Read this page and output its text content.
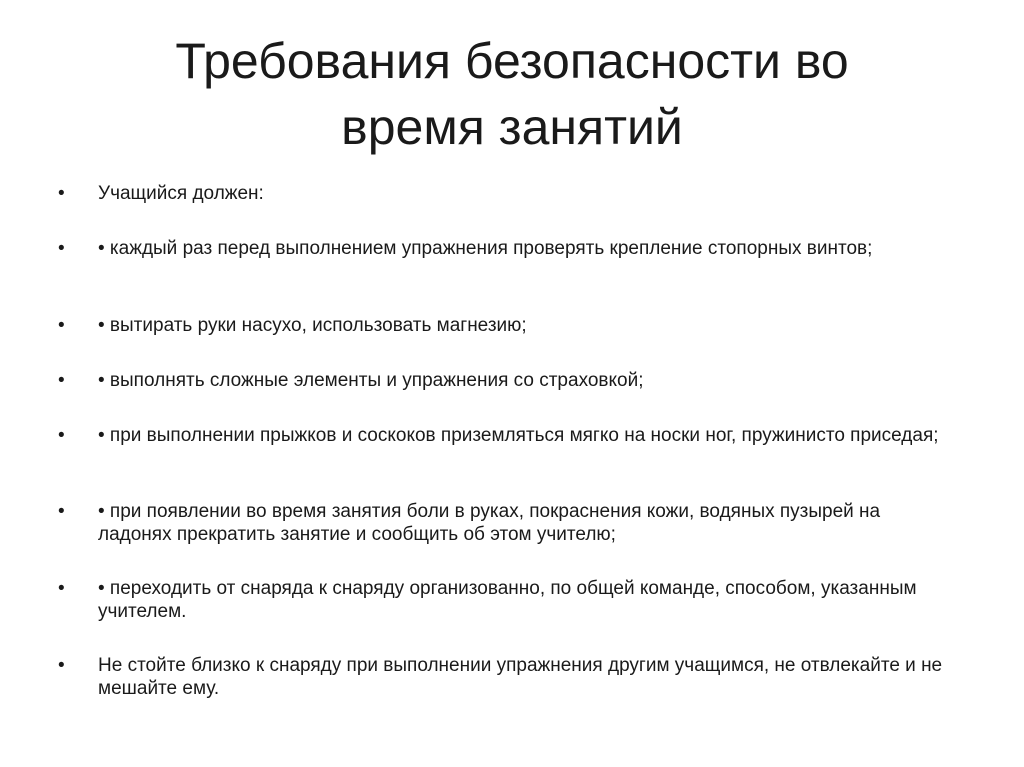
Требования безопасности во
время занятий
•	Учащийся должен:
•	• каждый раз перед выполнением упражнения проверять крепление стопорных винтов;
•	• вытирать руки насухо, использовать магнезию;
•	• выполнять сложные элементы и упражнения со страховкой;
•	• при выполнении прыжков и соскоков приземляться мягко на носки ног, пружинисто приседая;
•	• при появлении во время занятия боли в руках, покраснения кожи, водяных пузырей на ладонях прекратить занятие и сообщить об этом учителю;
•	• переходить от снаряда к снаряду организованно, по общей команде, способом, указанным учителем.
•	Не стойте близко к снаряду при выполнении упражнения другим учащимся, не отвлекайте и не мешайте ему.
